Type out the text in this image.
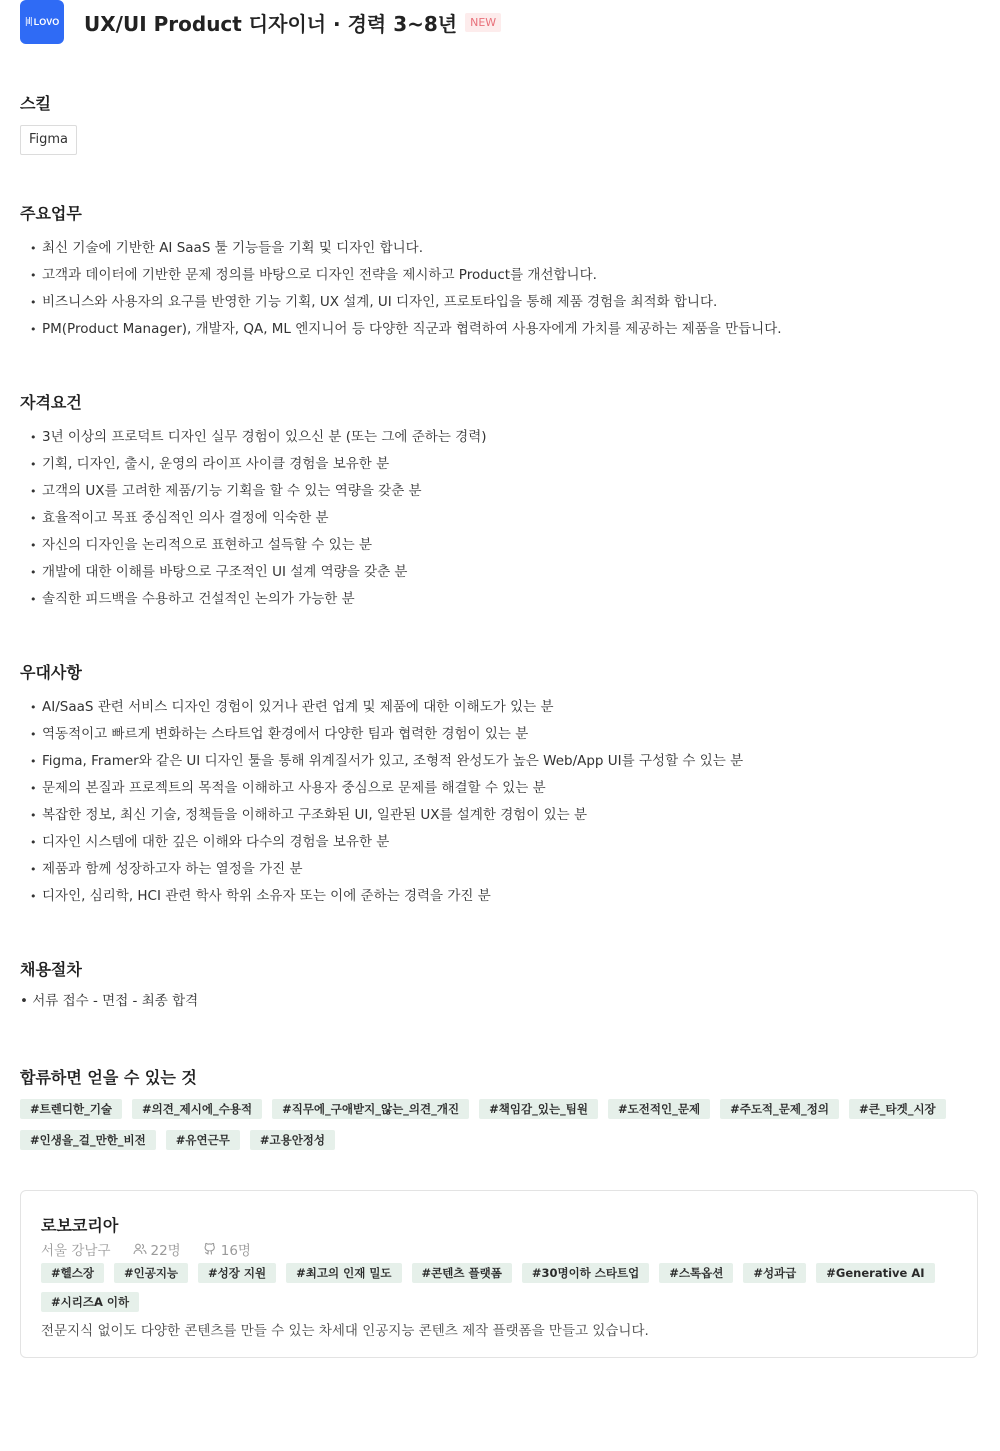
|ıl| LOVO UX/UI Product 디자이너 · 경력 3~8년	NEW
스킬
Figma
주요업무
• 최신 기술에 기반한 AI SaaS 툴 기능들을 기획 및 디자인 합니다.
• 고객과 데이터에 기반한 문제 정의를 바탕으로 디자인 전략을 제시하고 Product를 개선합니다.
• 비즈니스와 사용자의 요구를 반영한 기능 기획, UX 설계, UI 디자인, 프로토타입을 통해 제품 경험을 최적화 합니다.
• PM(Product Manager), 개발자, QA, ML 엔지니어 등 다양한 직군과 협력하여 사용자에게 가치를 제공하는 제품을 만듭니다.
자격요건
• 3년 이상의 프로덕트 디자인 실무 경험이 있으신 분 (또는 그에 준하는 경력)
• 기획, 디자인, 출시, 운영의 라이프 사이클 경험을 보유한 분
• 고객의 UX를 고려한 제품/기능 기획을 할 수 있는 역량을 갖춘 분
• 효율적이고 목표 중심적인 의사 결정에 익숙한 분
• 자신의 디자인을 논리적으로 표현하고 설득할 수 있는 분
• 개발에 대한 이해를 바탕으로 구조적인 UI 설계 역량을 갖춘 분
• 솔직한 피드백을 수용하고 건설적인 논의가 가능한 분
우대사항
• AI/SaaS 관련 서비스 디자인 경험이 있거나 관련 업계 및 제품에 대한 이해도가 있는 분
• 역동적이고 빠르게 변화하는 스타트업 환경에서 다양한 팀과 협력한 경험이 있는 분
• Figma, Framer와 같은 UI 디자인 툴을 통해 위계질서가 있고, 조형적 완성도가 높은 Web/App UI를 구성할 수 있는 분
• 문제의 본질과 프로젝트의 목적을 이해하고 사용자 중심으로 문제를 해결할 수 있는 분
• 복잡한 정보, 최신 기술, 정책들을 이해하고 구조화된 UI, 일관된 UX를 설계한 경험이 있는 분
• 디자인 시스템에 대한 깊은 이해와 다수의 경험을 보유한 분
• 제품과 함께 성장하고자 하는 열정을 가진 분
• 디자인, 심리학, HCI 관련 학사 학위 소유자 또는 이에 준하는 경력을 가진 분
채용절차
• 서류 접수 - 면접 - 최종 합격
합류하면 얻을 수 있는 것
#트렌디한_기술	#의견_제시에_수용적	#직무에_구애받지_않는_의견_개진	#책임감_있는_팀원	#도전적인_문제	#주도적_문제_정의	#큰_타겟_시장
#인생을_걸_만한_비전	#유연근무	#고용안정성
로보코리아
서울 강남구	22명	16명
#헬스장	#인공지능	#성장 지원	#최고의 인재 밀도	#콘텐츠 플랫폼	#30명이하 스타트업	#스톡옵션	#성과급	#Generative AI
#시리즈A 이하
전문지식 없이도 다양한 콘텐츠를 만들 수 있는 차세대 인공지능 콘텐츠 제작 플랫폼을 만들고 있습니다.
